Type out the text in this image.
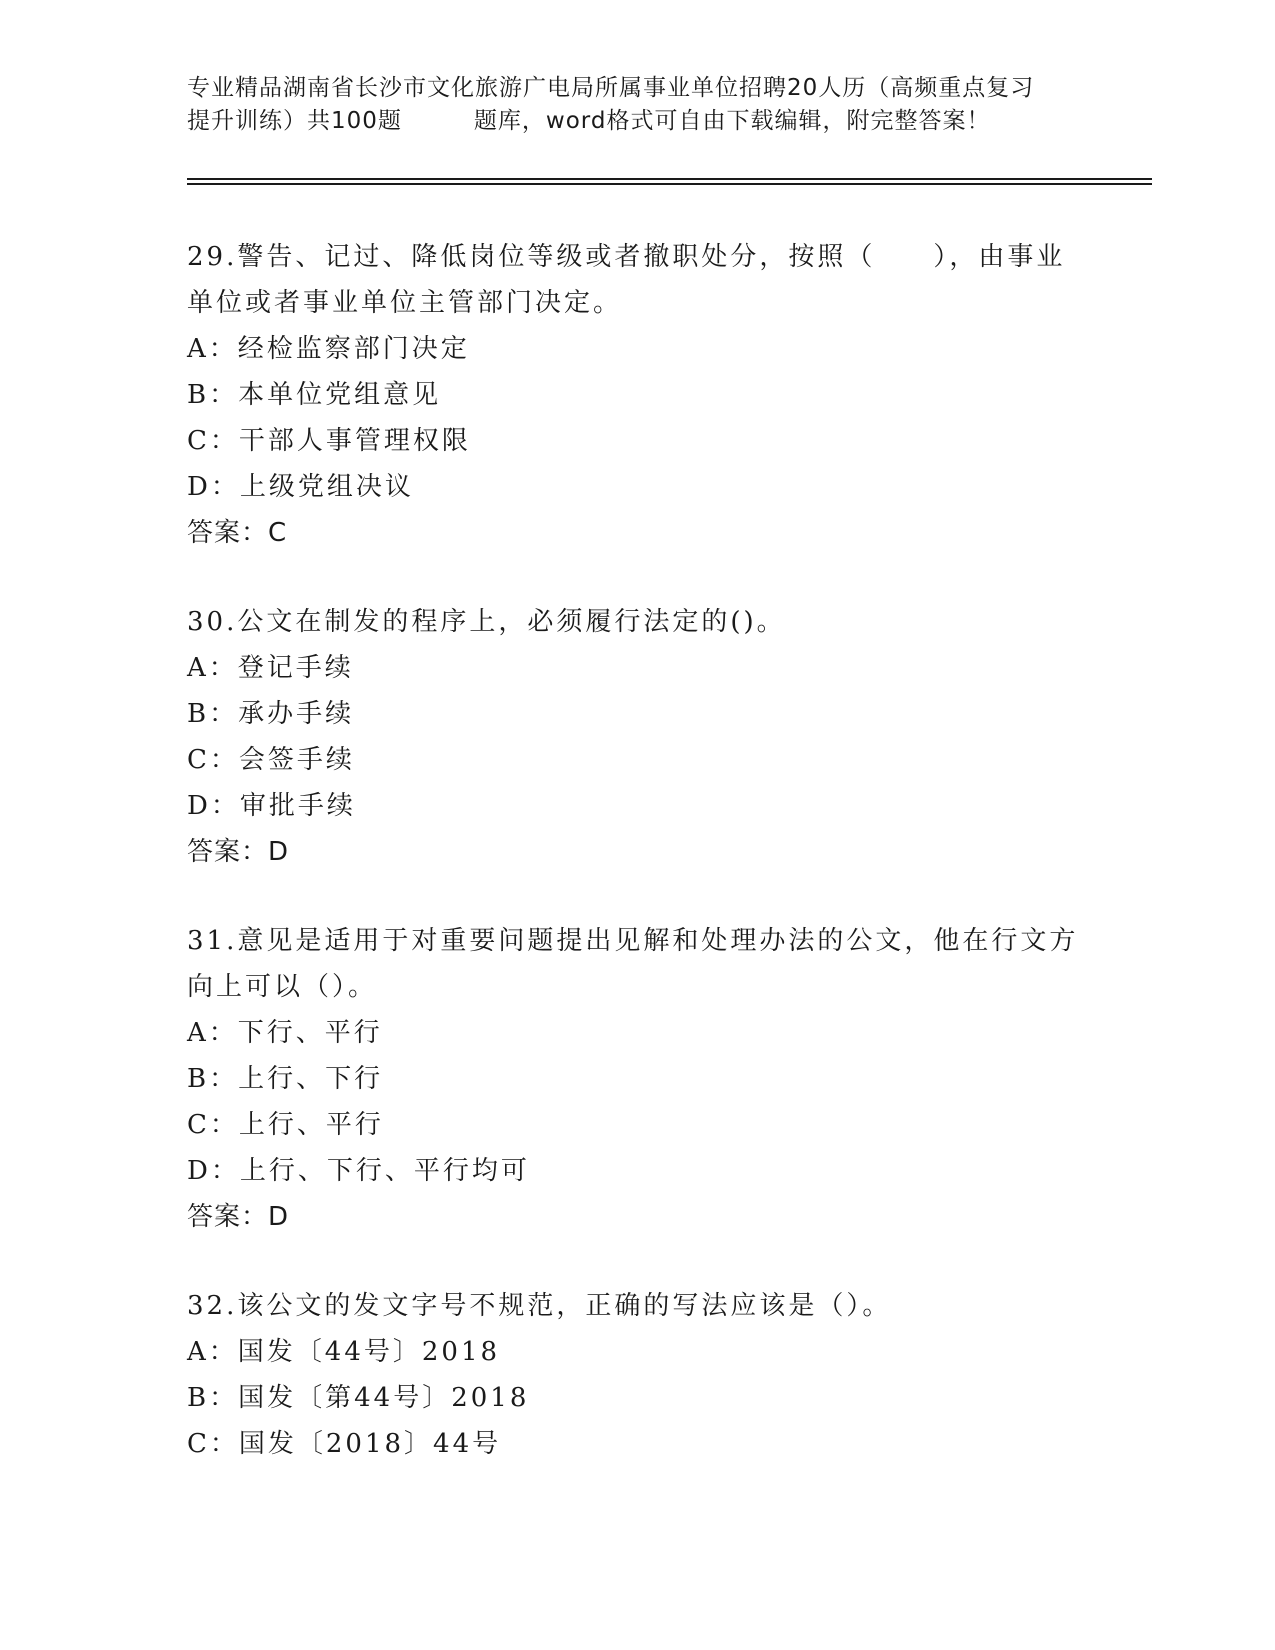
专业精品湖南省长沙市文化旅游广电局所属事业单位招聘20人历（高频重点复习
提升训练）共100题	题库，word格式可自由下载编辑，附完整答案！
29.警告、记过、降低岗位等级或者撤职处分，按照（　　），由事业
单位或者事业单位主管部门决定。
A：经检监察部门决定
B：本单位党组意见
C：干部人事管理权限
D：上级党组决议
答案：C
30.公文在制发的程序上，必须履行法定的()。
A：登记手续
B：承办手续
C：会签手续
D：审批手续
答案：D
31.意见是适用于对重要问题提出见解和处理办法的公文，他在行文方
向上可以（）。
A：下行、平行
B：上行、下行
C：上行、平行
D：上行、下行、平行均可
答案：D
32.该公文的发文字号不规范，正确的写法应该是（）。
A：国发〔44号〕2018
B：国发〔第44号〕2018
C：国发〔2018〕44号
